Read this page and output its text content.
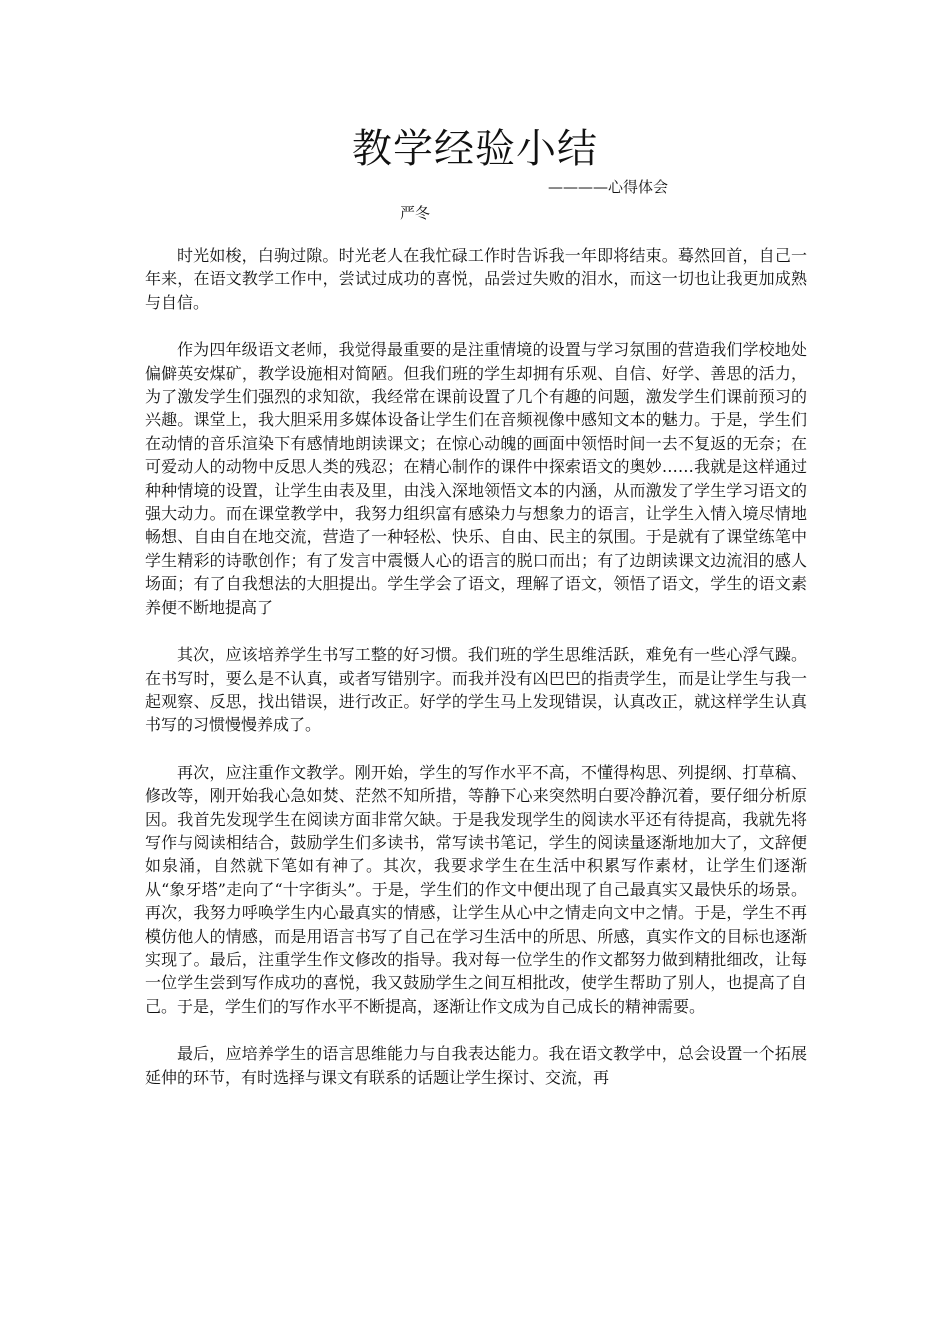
教学经验小结

————心得体会

严冬

时光如梭，白驹过隙。时光老人在我忙碌工作时告诉我一年即将结束。蓦然回首，自己一年来，在语文教学工作中，尝试过成功的喜悦，品尝过失败的泪水，而这一切也让我更加成熟与自信。

作为四年级语文老师，我觉得最重要的是注重情境的设置与学习氛围的营造我们学校地处偏僻英安煤矿，教学设施相对简陋。但我们班的学生却拥有乐观、自信、好学、善思的活力，为了激发学生们强烈的求知欲，我经常在课前设置了几个有趣的问题，激发学生们课前预习的兴趣。课堂上，我大胆采用多媒体设备让学生们在音频视像中感知文本的魅力。于是，学生们在动情的音乐渲染下有感情地朗读课文；在惊心动魄的画面中领悟时间一去不复返的无奈；在可爱动人的动物中反思人类的残忍；在精心制作的课件中探索语文的奥妙……我就是这样通过种种情境的设置，让学生由表及里，由浅入深地领悟文本的内涵，从而激发了学生学习语文的强大动力。而在课堂教学中，我努力组织富有感染力与想象力的语言，让学生入情入境尽情地畅想、自由自在地交流，营造了一种轻松、快乐、自由、民主的氛围。于是就有了课堂练笔中学生精彩的诗歌创作；有了发言中震慑人心的语言的脱口而出；有了边朗读课文边流泪的感人场面；有了自我想法的大胆提出。学生学会了语文，理解了语文，领悟了语文，学生的语文素养便不断地提高了

其次，应该培养学生书写工整的好习惯。我们班的学生思维活跃，难免有一些心浮气躁。在书写时，要么是不认真，或者写错别字。而我并没有凶巴巴的指责学生，而是让学生与我一起观察、反思，找出错误，进行改正。好学的学生马上发现错误，认真改正，就这样学生认真书写的习惯慢慢养成了。

再次，应注重作文教学。刚开始，学生的写作水平不高，不懂得构思、列提纲、打草稿、修改等，刚开始我心急如焚、茫然不知所措，等静下心来突然明白要冷静沉着，要仔细分析原因。我首先发现学生在阅读方面非常欠缺。于是我发现学生的阅读水平还有待提高，我就先将写作与阅读相结合，鼓励学生们多读书，常写读书笔记，学生的阅读量逐渐地加大了，文辞便如泉涌，自然就下笔如有神了。其次，我要求学生在生活中积累写作素材，让学生们逐渐从“象牙塔”走向了“十字街头”。于是，学生们的作文中便出现了自己最真实又最快乐的场景。再次，我努力呼唤学生内心最真实的情感，让学生从心中之情走向文中之情。于是，学生不再模仿他人的情感，而是用语言书写了自己在学习生活中的所思、所感，真实作文的目标也逐渐实现了。最后，注重学生作文修改的指导。我对每一位学生的作文都努力做到精批细改，让每一位学生尝到写作成功的喜悦，我又鼓励学生之间互相批改，使学生帮助了别人，也提高了自己。于是，学生们的写作水平不断提高，逐渐让作文成为自己成长的精神需要。

最后，应培养学生的语言思维能力与自我表达能力。我在语文教学中，总会设置一个拓展延伸的环节，有时选择与课文有联系的话题让学生探讨、交流，再
